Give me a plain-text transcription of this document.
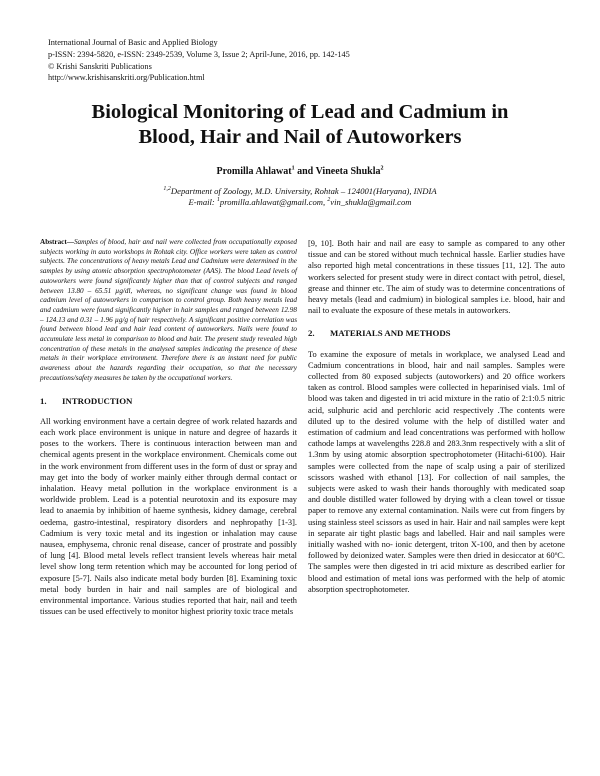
International Journal of Basic and Applied Biology
p-ISSN: 2394-5820, e-ISSN: 2349-2539, Volume 3, Issue 2; April-June, 2016, pp. 142-145
© Krishi Sanskriti Publications
http://www.krishisanskriti.org/Publication.html
Biological Monitoring of Lead and Cadmium in
Blood, Hair and Nail of Autoworkers
Promilla Ahlawat$^1$ and Vineeta Shukla$^2$
$^{1,2}$Department of Zoology, M.D. University, Rohtak – 124001(Haryana), INDIA
E-mail: $^1$promilla.ahlawat@gmail.com, $^2$vin_shukla@gmail.com
Abstract—Samples of blood, hair and nail were collected from occupationally exposed subjects working in auto workshops in Rohtak city. Office workers were taken as control subjects. The concentrations of heavy metals Lead and Cadmium were determined in the samples by using atomic absorption spectrophotometer (AAS). The blood Lead levels of autoworkers were found significantly higher than that of control subjects and ranged between 13.80 – 65.51 µg/dl, whereas, no significant change was found in blood cadmium level of autoworkers in comparison to control group. Both heavy metals lead and cadmium were found significantly higher in hair samples and ranged between 12.98 – 124.13 and 0.31 – 1.96 µg/g of hair respectively. A significant positive correlation was found between blood lead and hair lead content of autoworkers. Nails were found to accumulate less metal in comparison to blood and hair. The present study revealed high concentration of these metals in the analysed samples indicating the presence of these metals in their workplace environment. Therefore there is an instant need for public awareness about the hazards regarding their occupation, so that the necessary precautions/safety measures be taken by the occupational workers.
1. INTRODUCTION
All working environment have a certain degree of work related hazards and each work place environment is unique in nature and degree of hazards it poses to the workers. There is continuous interaction between man and chemical agents present in the workplace environment. Chemicals come out in the work environment from different uses in the form of dust or spray and may get into the body of worker mainly either through dermal contact or inhalation. Heavy metal pollution in the workplace environment is a worldwide problem. Lead is a potential neurotoxin and its exposure may lead to anaemia by inhibition of haeme synthesis, kidney damage, cerebral oedema, gastro-intestinal, respiratory disorders and nephropathy [1-3]. Cadmium is very toxic metal and its ingestion or inhalation may cause nausea, emphysema, chronic renal disease, cancer of prostrate and possibly of lung [4]. Blood metal levels reflect transient levels whereas hair metal level show long term retention which may be accounted for long period of exposure [5-7]. Nails also indicate metal body burden [8]. Examining toxic metal body burden in hair and nail samples are of biological and environmental importance. Various studies reported that hair, nail and teeth tissues can be used effectively to monitor highest priority toxic trace metals
[9, 10]. Both hair and nail are easy to sample as compared to any other tissue and can be stored without much technical hassle. Earlier studies have also reported high metal concentrations in these tissues [11, 12]. The auto workers selected for present study were in direct contact with petrol, diesel, grease and thinner etc. The aim of study was to determine concentrations of heavy metals (lead and cadmium) in biological samples i.e. blood, hair and nail to evaluate the exposure of these metals in autoworkers.
2. MATERIALS AND METHODS
To examine the exposure of metals in workplace, we analysed Lead and Cadmium concentrations in blood, hair and nail samples. Samples were collected from 80 exposed subjects (autoworkers) and 20 office workers taken as control. Blood samples were collected in heparinised vials. 1ml of blood was taken and digested in tri acid mixture in the ratio of 2:1:0.5 nitric acid, sulphuric acid and perchloric acid respectively .The contents were diluted up to the desired volume with the help of distilled water and estimation of cadmium and lead concentrations was performed with hollow cathode lamps at wavelengths 228.8 and 283.3nm respectively with a slit of 1.3nm by using atomic absorption spectrophotometer (Hitachi-6100). Hair samples were collected from the nape of scalp using a pair of sterilized scissors washed with ethanol [13]. For collection of nail samples, the subjects were asked to wash their hands thoroughly with medicated soap and double distilled water followed by drying with a clean towel or tissue paper to remove any external contamination. Nails were cut from fingers by using stainless steel scissors as used in hair. Hair and nail samples were kept in separate air tight plastic bags and labelled. Hair and nail samples were initially washed with no- ionic detergent, triton X-100, and then by acetone followed by deionized water. Samples were then dried in desiccator at 60ºC. The samples were then digested in tri acid mixture as described earlier for blood and estimation of metal ions was performed with the help of atomic absorption spectrophotometer.
